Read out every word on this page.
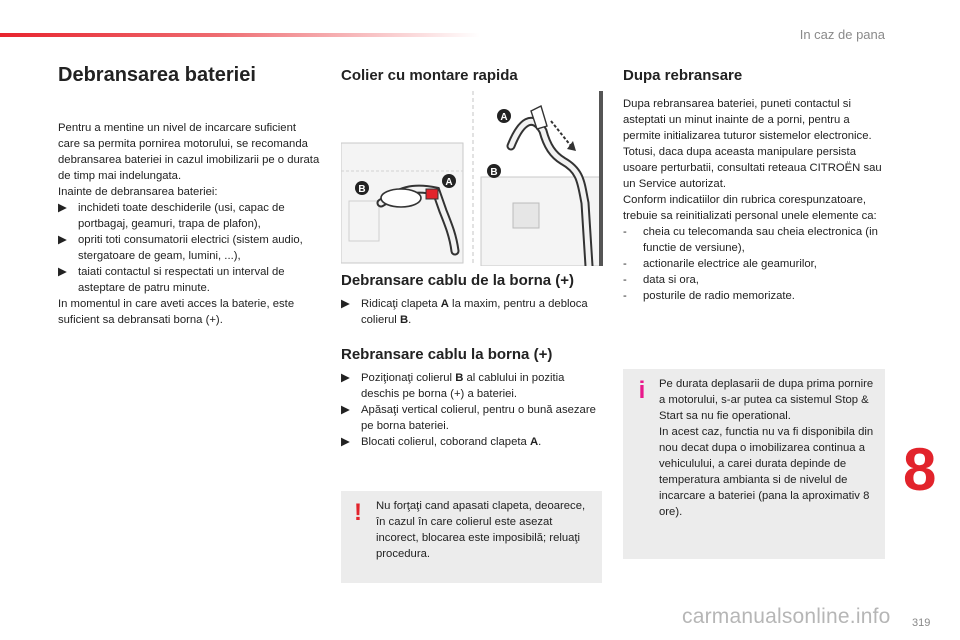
In caz de pana
Debransarea bateriei

Pentru a mentine un nivel de incarcare suficient care sa permita pornirea motorului, se recomanda debransarea bateriei in cazul imobilizarii pe o durata de timp mai indelungata.

Inainte de debransarea bateriei:

▶ inchideti toate deschiderile (usi, capac de portbagaj, geamuri, trapa de plafon),
▶ opriti toti consumatorii electrici (sistem audio, stergatoare de geam, lumini, ...),
▶ taiati contactul si respectati un interval de asteptare de patru minute.

In momentul in care aveti acces la baterie, este suficient sa debransati borna (+).

Colier cu montare rapida
B
A
A
B
Debransare cablu de la borna (+)
▶ Ridicaţi clapeta A la maxim, pentru a debloca colierul B.
Rebransare cablu la borna (+)
▶ Poziţionaţi colierul B al cablului in pozitia deschis pe borna (+) a bateriei.
▶ Apăsaţi vertical colierul, pentru o bună asezare pe borna bateriei.
▶ Blocati colierul, coborand clapeta A.
! Nu forţaţi cand apasati clapeta, deoarece, în cazul în care colierul este asezat incorect, blocarea este imposibilă; reluaţi procedura.
Dupa rebransare

Dupa rebransarea bateriei, puneti contactul si asteptati un minut inainte de a porni, pentru a permite initializarea tuturor sistemelor electronice.

Totusi, daca dupa aceasta manipulare persista usoare perturbatii, consultati reteaua CITROËN sau un Service autorizat.

Conform indicatiilor din rubrica corespunzatoare, trebuie sa reinitializati personal unele elemente ca:

-	cheia cu telecomanda sau cheia electronica (in functie de versiune),
-	actionarile electrice ale geamurilor,
-	data si ora,
-	posturile de radio memorizate.
i Pe durata deplasarii de dupa prima pornire a motorului, s-ar putea ca sistemul Stop & Start sa nu fie operational.
In acest caz, functia nu va fi disponibila din nou decat dupa o imobilizarea continua a vehiculului, a carei durata depinde de temperatura ambianta si de nivelul de incarcare a bateriei (pana la aproximativ 8 ore).
8
carmanualsonline.info 319
